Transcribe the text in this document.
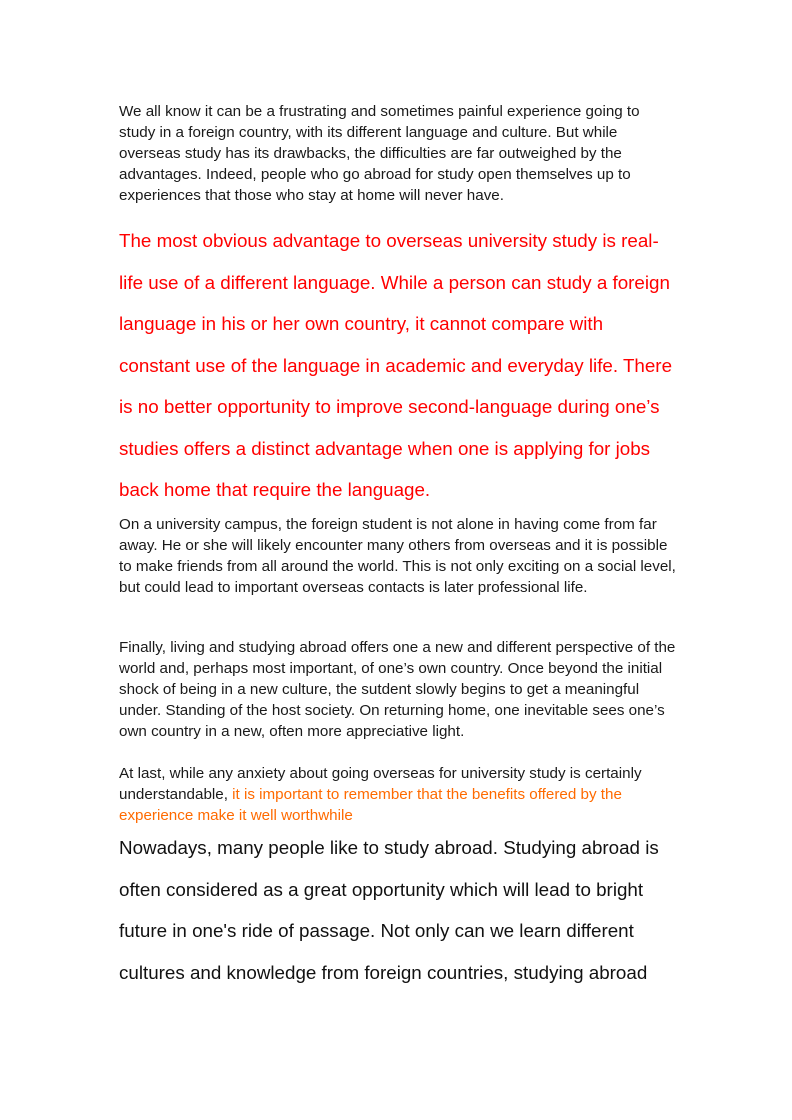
We all know it can be a frustrating and sometimes painful experience going to study in a foreign country, with its different language and culture. But while overseas study has its drawbacks, the difficulties are far outweighed by the advantages. Indeed, people who go abroad for study open themselves up to experiences that those who stay at home will never have.

The most obvious advantage to overseas university study is real-life use of a different language. While a person can study a foreign language in his or her own country, it cannot compare with constant use of the language in academic and everyday life. There is no better opportunity to improve second-language during one’s studies offers a distinct advantage when one is applying for jobs back home that require the language.

On a university campus, the foreign student is not alone in having come from far away. He or she will likely encounter many others from overseas and it is possible to make friends from all around the world. This is not only exciting on a social level, but could lead to important overseas contacts is later professional life.

Finally, living and studying abroad offers one a new and different perspective of the world and, perhaps most important, of one’s own country. Once beyond the initial shock of being in a new culture, the sutdent slowly begins to get a meaningful under. Standing of the host society. On returning home, one inevitable sees one’s own country in a new, often more appreciative light.

At last, while any anxiety about going overseas for university study is certainly understandable, it is important to remember that the benefits offered by the experience make it well worthwhile

Nowadays, many people like to study abroad. Studying abroad is often considered as a great opportunity which will lead to bright future in one's ride of passage. Not only can we learn different cultures and knowledge from foreign countries, studying abroad
